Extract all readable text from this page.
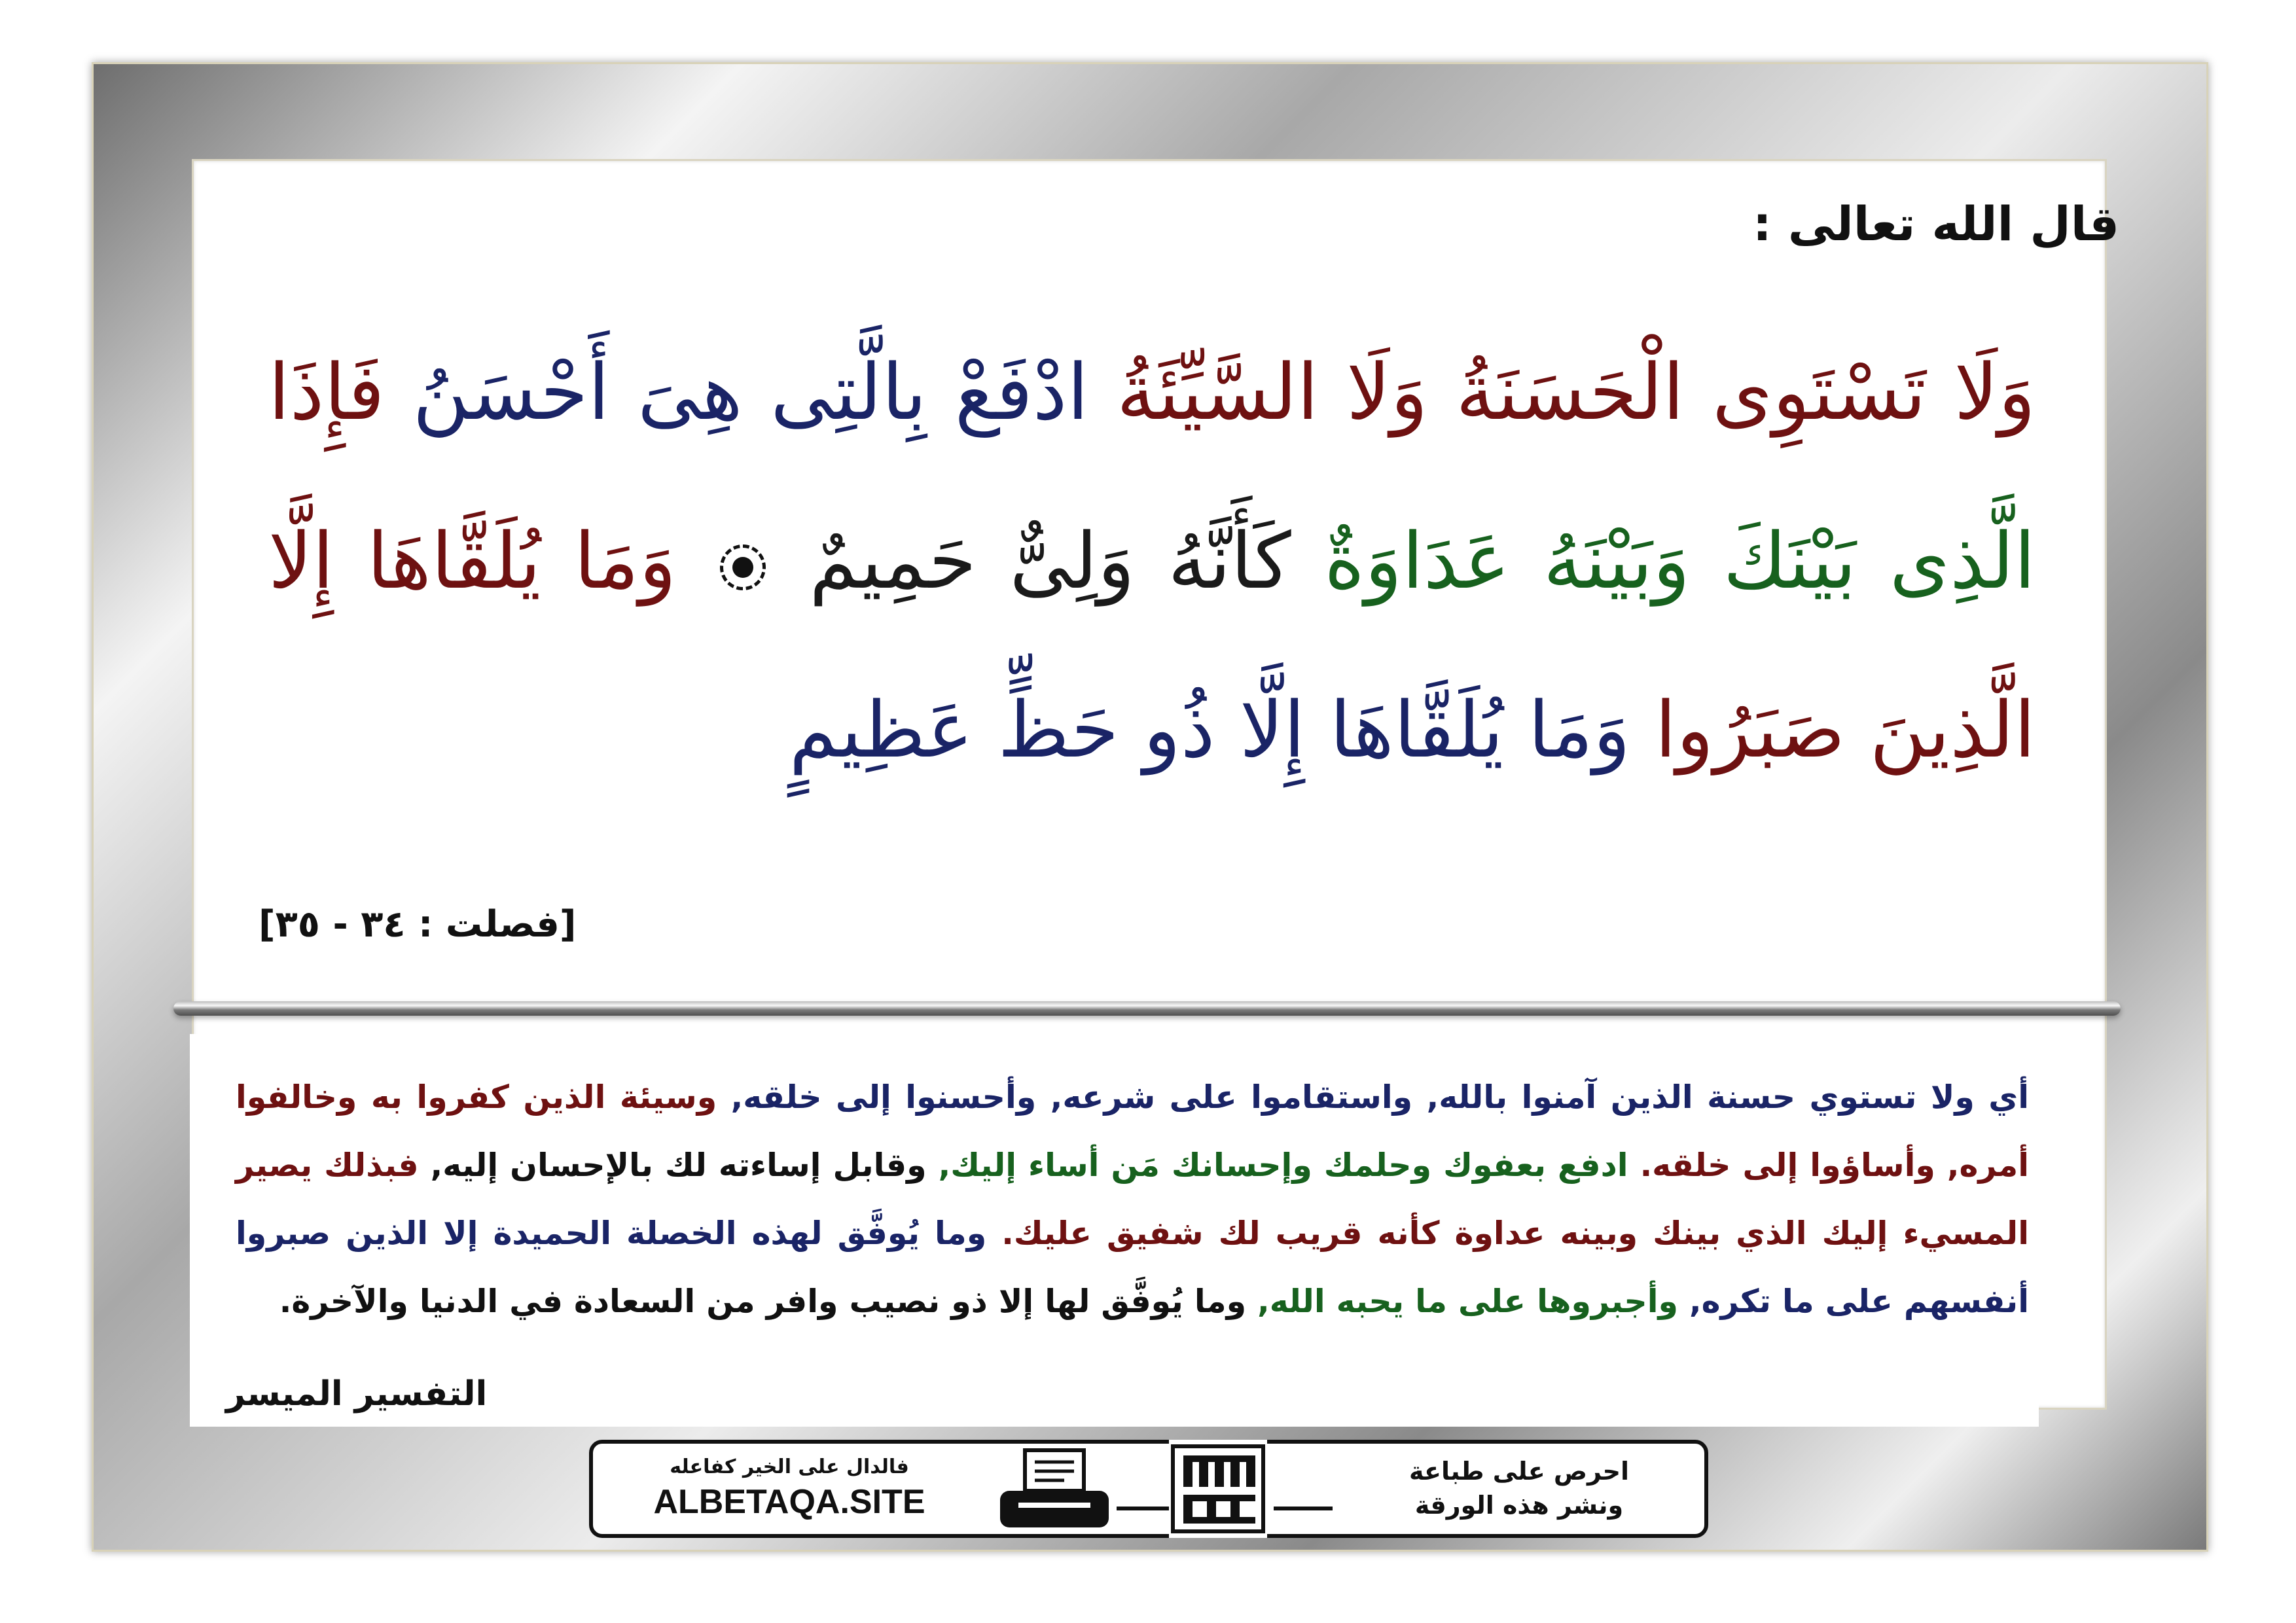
قال الله تعالى :
وَلَا تَسْتَوِى الْحَسَنَةُ وَلَا السَّيِّئَةُ ادْفَعْ بِالَّتِى هِىَ أَحْسَنُ فَإِذَا الَّذِى بَيْنَكَ وَبَيْنَهُ عَدَاوَةٌ كَأَنَّهُ وَلِىٌّ حَمِيمٌ  وَمَا يُلَقَّاهَا إِلَّا الَّذِينَ صَبَرُوا وَمَا يُلَقَّاهَا إِلَّا ذُو حَظٍّ عَظِيمٍ
[فصلت : ٣٤ - ٣٥]
أي ولا تستوي حسنة الذين آمنوا بالله, واستقاموا على شرعه, وأحسنوا إلى خلقه, وسيئة الذين كفروا به وخالفوا أمره, وأساؤوا إلى خلقه. ادفع بعفوك وحلمك وإحسانك مَن أساء إليك, وقابل إساءته لك بالإحسان إليه, فبذلك يصير المسيء إليك الذي بينك وبينه عداوة كأنه قريب لك شفيق عليك. وما يُوفَّق لهذه الخصلة الحميدة إلا الذين صبروا أنفسهم على ما تكره, وأجبروها على ما يحبه الله, وما يُوفَّق لها إلا ذو نصيب وافر من السعادة في الدنيا والآخرة.
التفسير الميسر
فالدال على الخير كفاعله
ALBETAQA.SITE
احرص على طباعة
ونشر هذه الورقة
